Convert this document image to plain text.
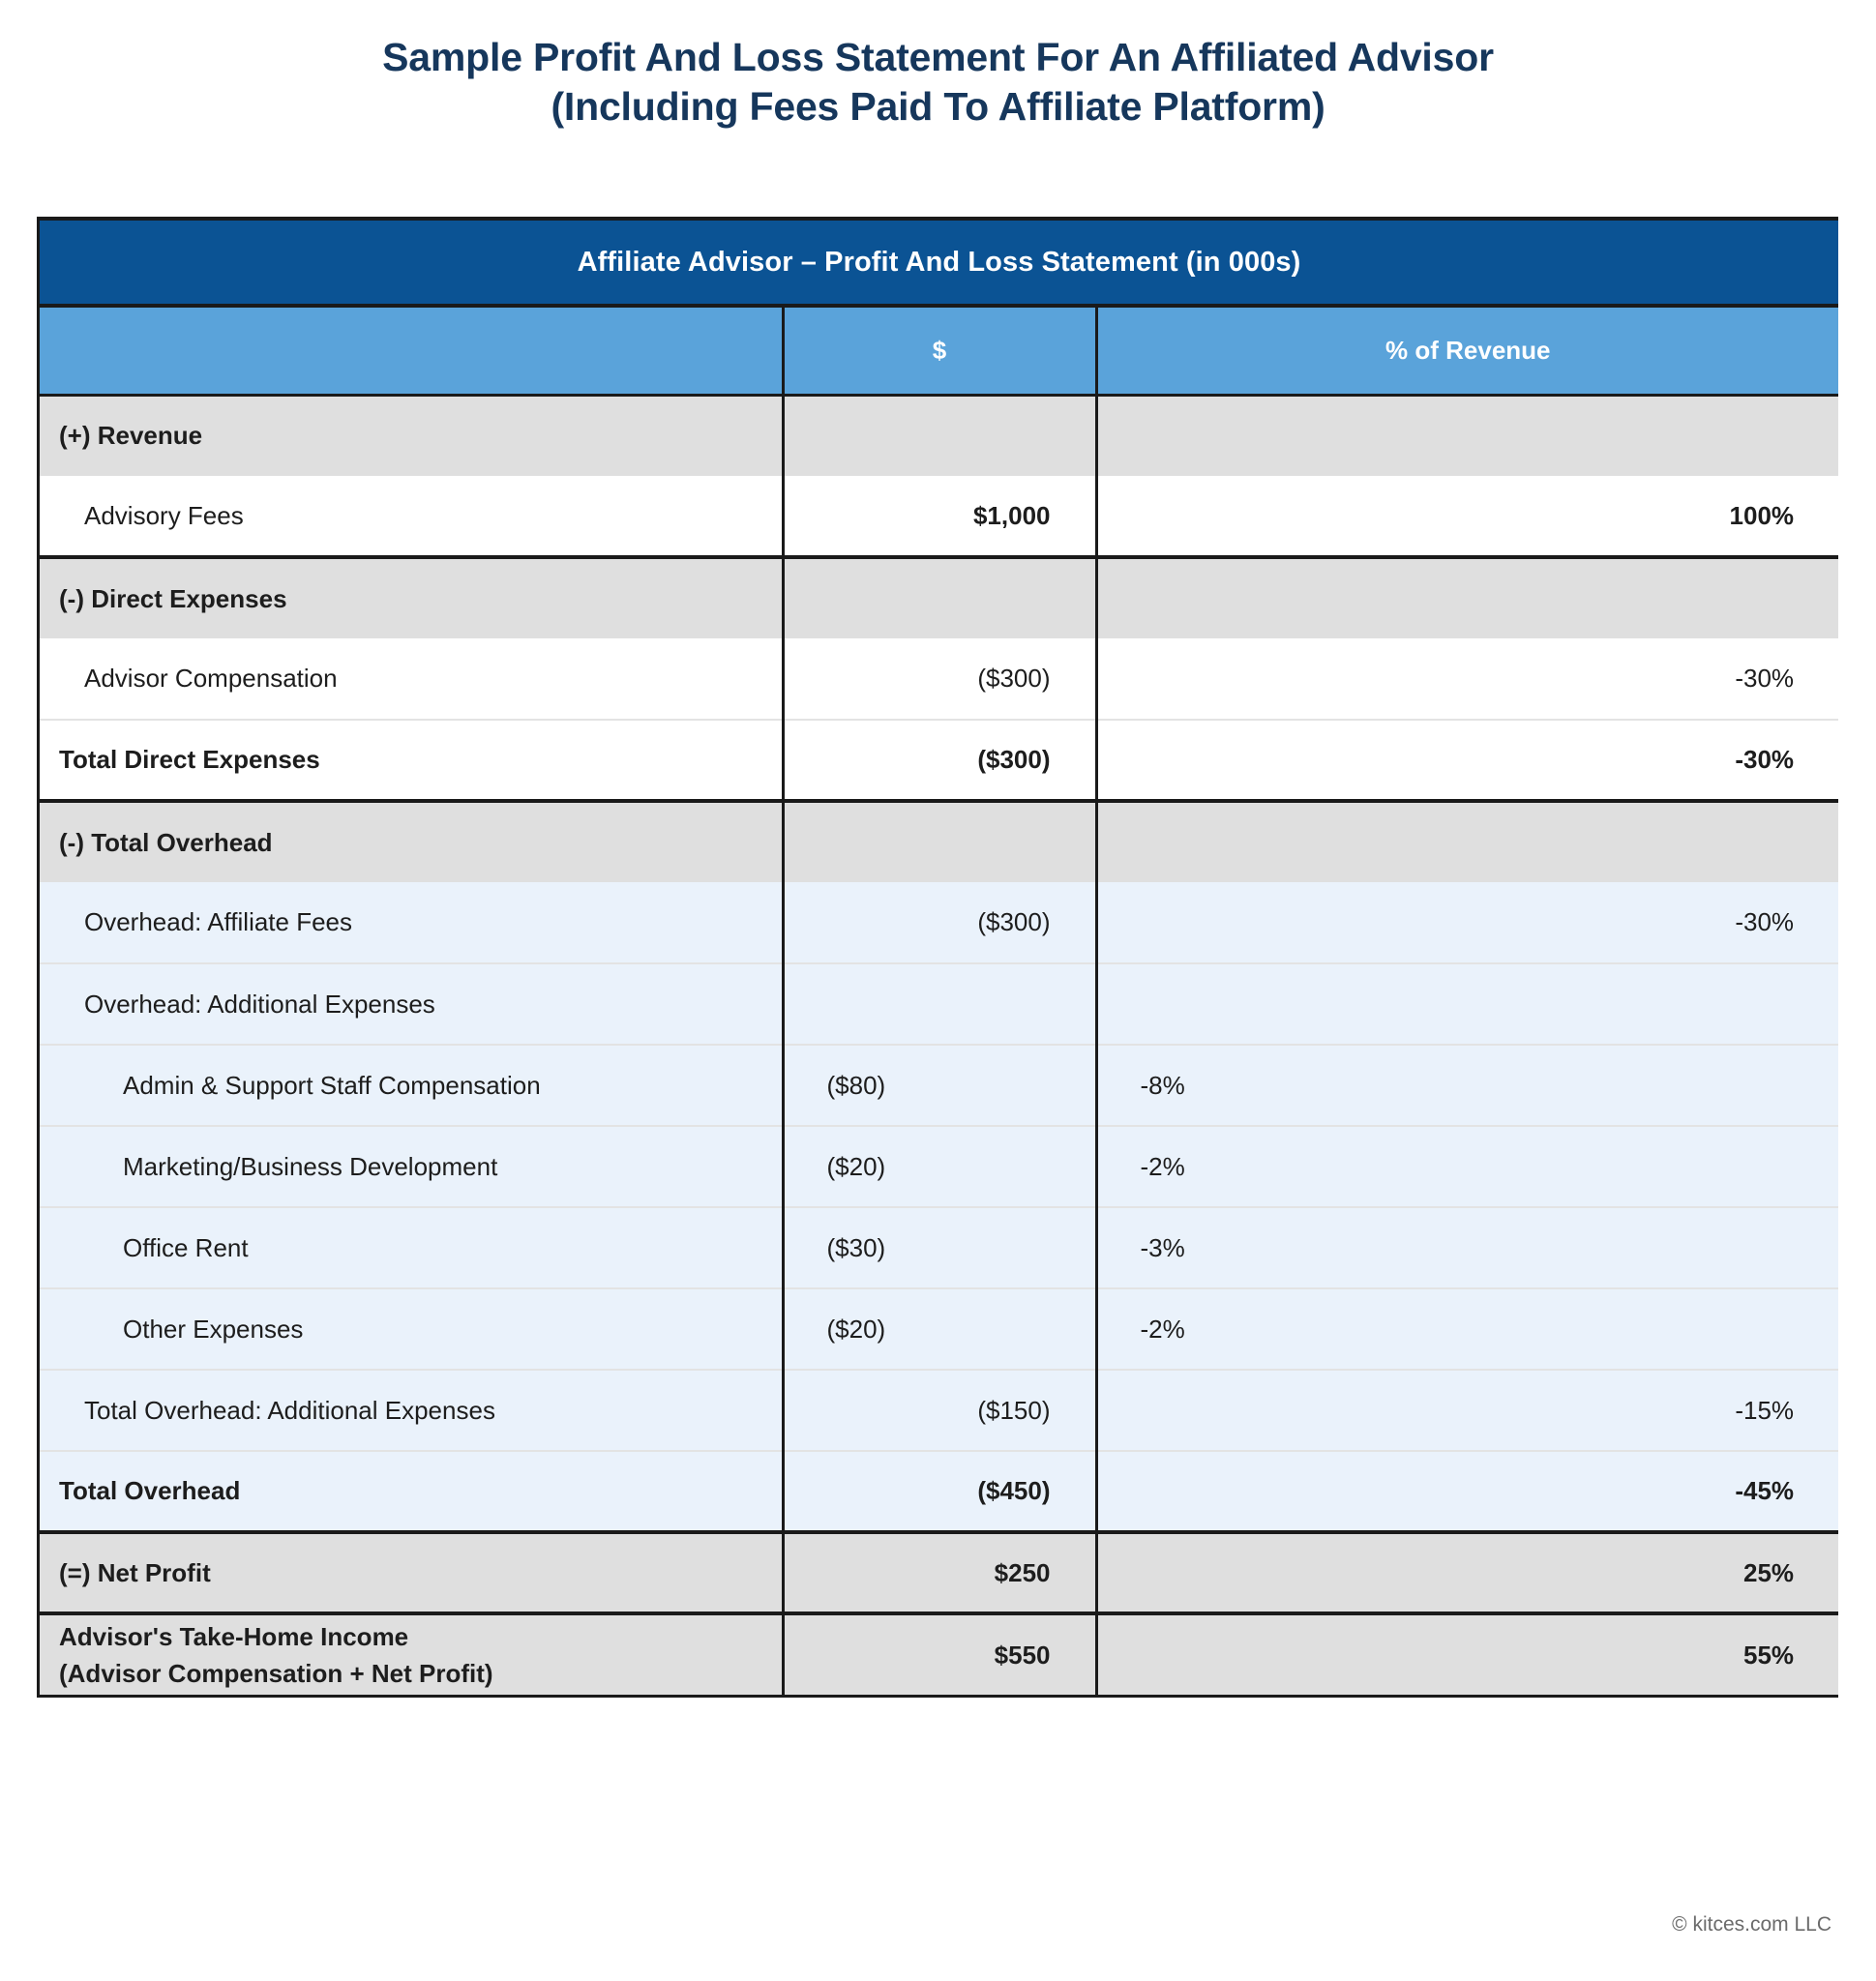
Sample Profit And Loss Statement For An Affiliated Advisor
(Including Fees Paid To Affiliate Platform)
Affiliate Advisor – Profit And Loss Statement (in 000s)		
	$	% of Revenue
(+) Revenue		
Advisory Fees	$1,000	100%
(-) Direct Expenses		
Advisor Compensation	($300)	-30%
Total Direct Expenses	($300)	-30%
(-) Total Overhead		
Overhead: Affiliate Fees	($300)	-30%
Overhead: Additional Expenses		
Admin & Support Staff Compensation	($80)	-8%
Marketing/Business Development	($20)	-2%
Office Rent	($30)	-3%
Other Expenses	($20)	-2%
Total Overhead: Additional Expenses	($150)	-15%
Total Overhead	($450)	-45%
(=) Net Profit	$250	25%

Advisor's Take-Home Income
(Advisor Compensation + Net Profit)	$550	55%
© kitces.com LLC
